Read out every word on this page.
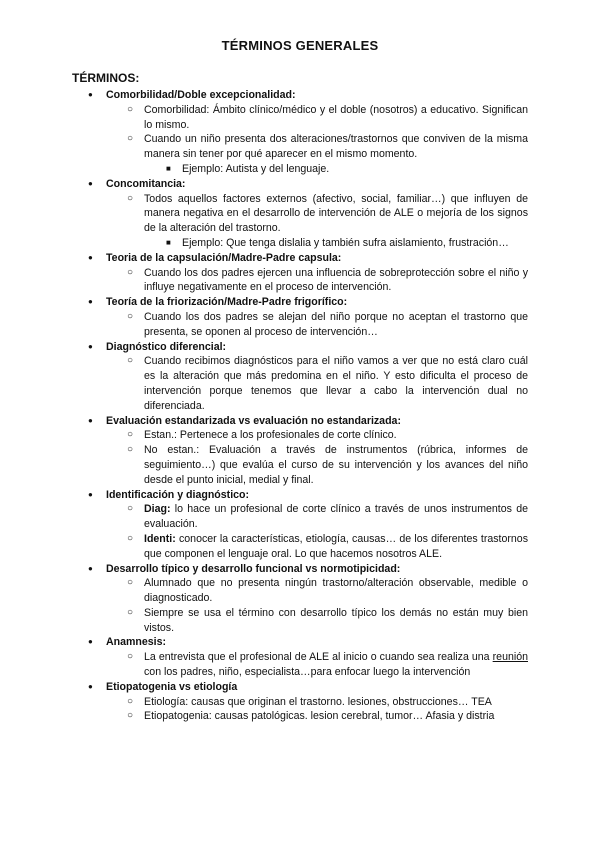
TÉRMINOS GENERALES
TÉRMINOS:
● Comorbilidad/Doble excepcionalidad:
○ Comorbilidad: Ámbito clínico/médico y el doble (nosotros) a educativo. Significan lo mismo.
○ Cuando un niño presenta dos alteraciones/trastornos que conviven de la misma manera sin tener por qué aparecer en el mismo momento.
■ Ejemplo: Autista y del lenguaje.
● Concomitancia:
○ Todos aquellos factores externos (afectivo, social, familiar…) que influyen de manera negativa en el desarrollo de intervención de ALE o mejoría de los signos de la alteración del trastorno.
■ Ejemplo: Que tenga dislalia y también sufra aislamiento, frustración…
● Teoria de la capsulación/Madre-Padre capsula:
○ Cuando los dos padres ejercen una influencia de sobreprotección sobre el niño y influye negativamente en el proceso de intervención.
● Teoría de la friorización/Madre-Padre frigorífico:
○ Cuando los dos padres se alejan del niño porque no aceptan el trastorno que presenta, se oponen al proceso de intervención…
● Diagnóstico diferencial:
○ Cuando recibimos diagnósticos para el niño vamos a ver que no está claro cuál es la alteración que más predomina en el niño. Y esto dificulta el proceso de intervención porque tenemos que llevar a cabo la intervención dual no diferenciada.
● Evaluación estandarizada vs evaluación no estandarizada:
○ Estan.: Pertenece a los profesionales de corte clínico.
○ No estan.: Evaluación a través de instrumentos (rúbrica, informes de seguimiento…) que evalúa el curso de su intervención y los avances del niño desde el punto inicial, medial y final.
● Identificación y diagnóstico:
○ Diag: lo hace un profesional de corte clínico a través de unos instrumentos de evaluación.
○ Identi: conocer la características, etiología, causas… de los diferentes trastornos que componen el lenguaje oral. Lo que hacemos nosotros ALE.
● Desarrollo típico y desarrollo funcional vs normotipicidad:
○ Alumnado que no presenta ningún trastorno/alteración observable, medible o diagnosticado.
○ Siempre se usa el término con desarrollo típico los demás no están muy bien vistos.
● Anamnesis:
○ La entrevista que el profesional de ALE al inicio o cuando sea realiza una reunión con los padres, niño, especialista…para enfocar luego la intervención
● Etiopatogenia vs etiología
○ Etiología: causas que originan el trastorno. lesiones, obstrucciones… TEA
○ Etiopatogenia: causas patológicas. lesion cerebral, tumor… Afasia y distria
